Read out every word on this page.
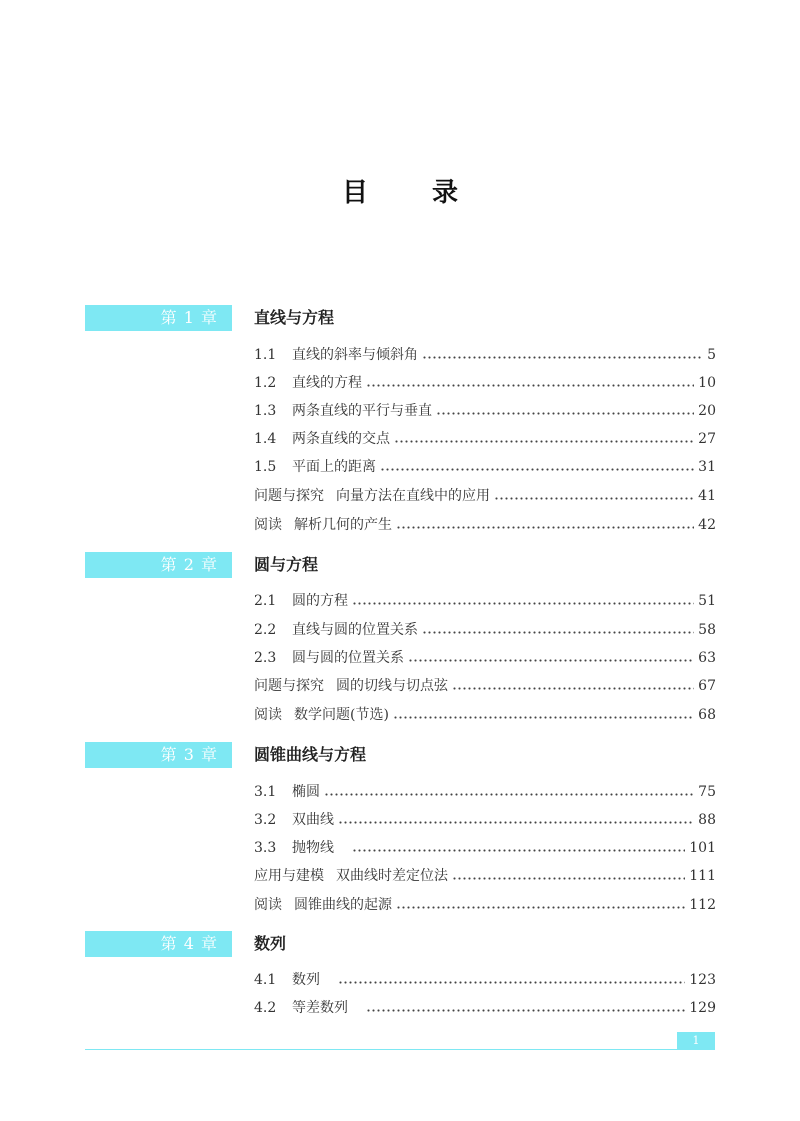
目 录
第 1 章	直线与方程
1.1	直线的斜率与倾斜角	5
1.2	直线的方程	10
1.3	两条直线的平行与垂直	20
1.4	两条直线的交点	27
1.5	平面上的距离	31
问题与探究 向量方法在直线中的应用	41
阅读 解析几何的产生	42
第 2 章	圆与方程
2.1	圆的方程	51
2.2	直线与圆的位置关系	58
2.3	圆与圆的位置关系	63
问题与探究 圆的切线与切点弦	67
阅读 数学问题(节选)	68
第 3 章	圆锥曲线与方程
3.1	椭圆	75
3.2	双曲线	88
3.3	抛物线	101
应用与建模 双曲线时差定位法	111
阅读 圆锥曲线的起源	112
第 4 章	数列
4.1	数列	123
4.2	等差数列	129
1
